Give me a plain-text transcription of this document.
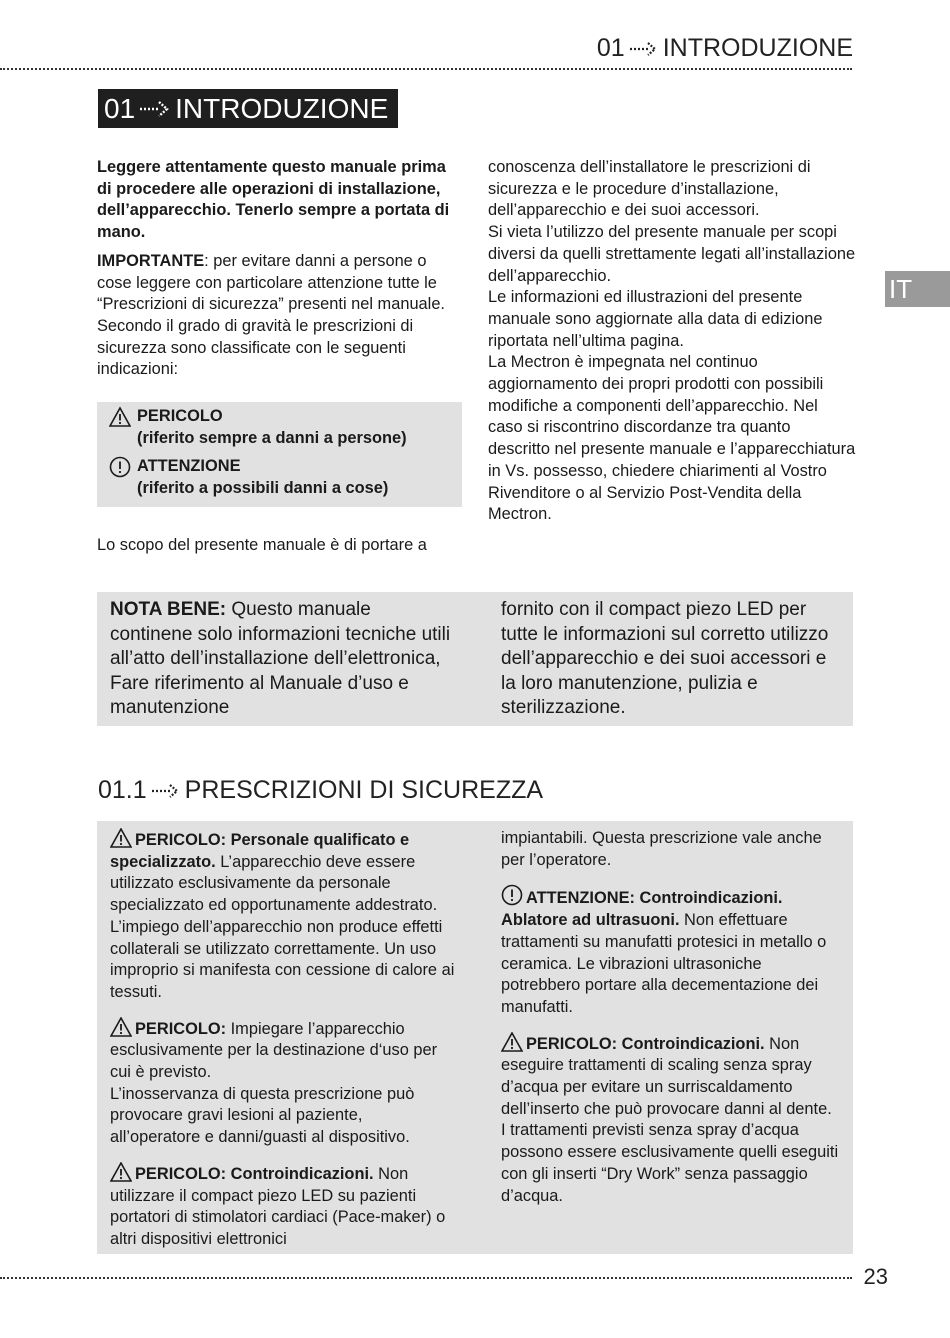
01 INTRODUZIONE
01 INTRODUZIONE
IT

Leggere attentamente questo manuale prima di procedere alle operazioni di installazione, dell’apparecchio. Tenerlo sempre a portata di mano.

IMPORTANTE: per evitare danni a persone o cose leggere con particolare attenzione tutte le “Prescrizioni di sicurezza” presenti nel manuale. Secondo il grado di gravità le prescrizioni di sicurezza sono classificate con le seguenti indicazioni:

PERICOLO
(riferito sempre a danni a persone)
ATTENZIONE
(riferito a possibili danni a cose)

Lo scopo del presente manuale è di portare a

conoscenza dell’installatore le prescrizioni di sicurezza e le procedure d’installazione, dell’apparecchio e dei suoi accessori.

Si vieta l’utilizzo del presente manuale per scopi diversi da quelli strettamente legati all’installazione dell’apparecchio.

Le informazioni ed illustrazioni del presente manuale sono aggiornate alla data di edizione riportata nell’ultima pagina.

La Mectron è impegnata nel continuo aggiornamento dei propri prodotti con possibili modifiche a componenti dell’apparecchio. Nel caso si riscontrino discordanze tra quanto descritto nel presente manuale e l’apparecchiatura in Vs. possesso, chiedere chiarimenti al Vostro Rivenditore o al Servizio Post-Vendita della Mectron.

NOTA BENE: Questo manuale continene solo informazioni tecniche utili all’atto dell’installazione dell’elettronica, Fare riferimento al Manuale d’uso e manutenzione
fornito con il compact piezo LED per tutte le informazioni sul corretto utilizzo dell’apparecchio e dei suoi accessori e la loro manutenzione, pulizia e sterilizzazione.
01.1 PRESCRIZIONI DI SICUREZZA

PERICOLO: Personale qualificato e specializzato. L’apparecchio deve essere utilizzato esclusivamente da personale specializzato ed opportunamente addestrato. L’impiego dell’apparecchio non produce effetti collaterali se utilizzato correttamente. Un uso improprio si manifesta con cessione di calore ai tessuti.

PERICOLO: Impiegare l’apparecchio esclusivamente per la destinazione d‘uso per cui è previsto.

L’inosservanza di questa prescrizione può provocare gravi lesioni al paziente, all’operatore e danni/guasti al dispositivo.

PERICOLO: Controindicazioni. Non utilizzare il compact piezo LED su pazienti portatori di stimolatori cardiaci (Pace-maker) o altri dispositivi elettronici

impiantabili. Questa prescrizione vale anche per l’operatore.

ATTENZIONE: Controindicazioni. Ablatore ad ultrasuoni. Non effettuare trattamenti su manufatti protesici in metallo o ceramica. Le vibrazioni ultrasoniche potrebbero portare alla decementazione dei manufatti.

PERICOLO: Controindicazioni. Non eseguire trattamenti di scaling senza spray d’acqua per evitare un surriscaldamento dell’inserto che può provocare danni al dente.

I trattamenti previsti senza spray d’acqua possono essere esclusivamente quelli eseguiti con gli inserti “Dry Work” senza passaggio d’acqua.

23
